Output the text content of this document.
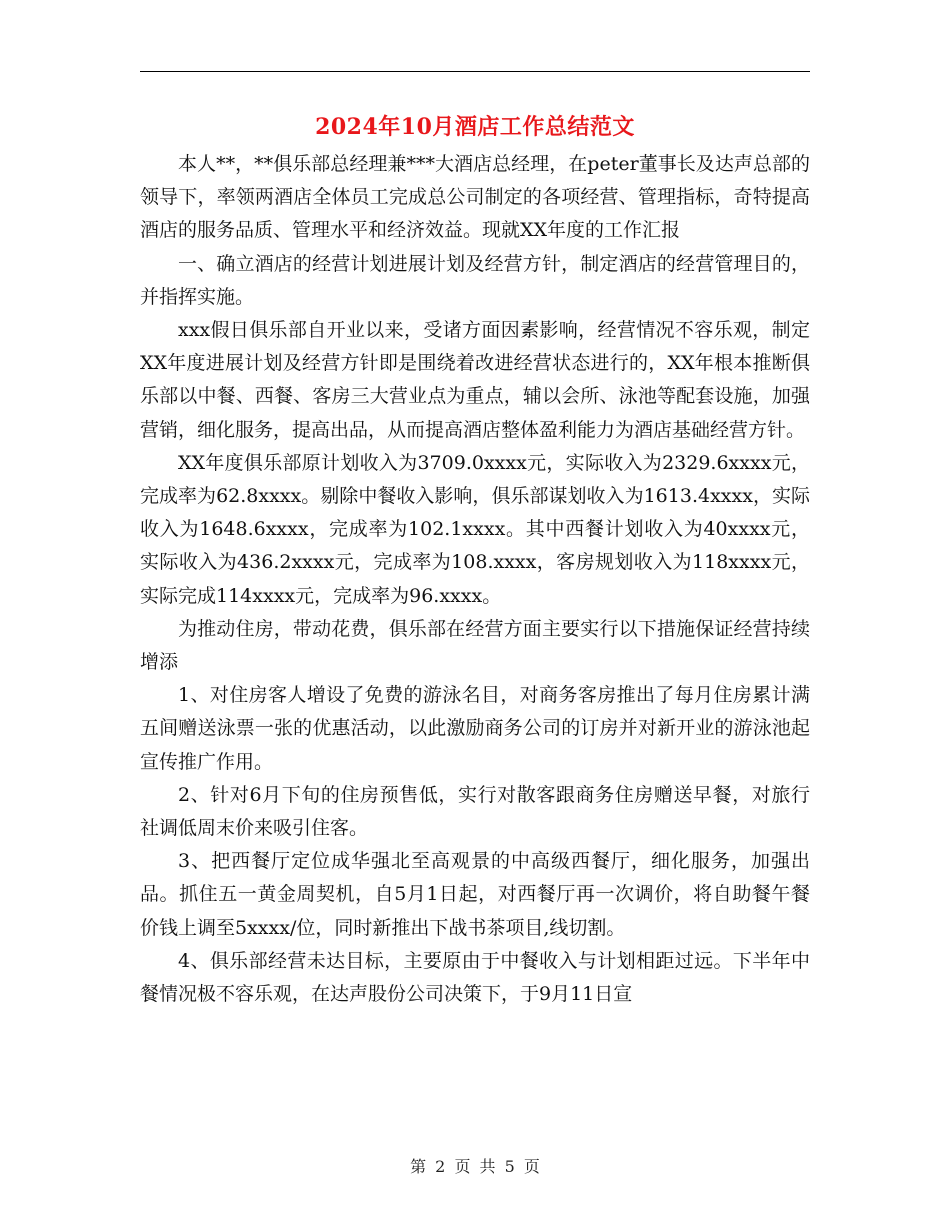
2024年10月酒店工作总结范文

本人**，**俱乐部总经理兼***大酒店总经理，在peter董事长及达声总部的领导下，率领两酒店全体员工完成总公司制定的各项经营、管理指标，奇特提高酒店的服务品质、管理水平和经济效益。现就XX年度的工作汇报

一、确立酒店的经营计划进展计划及经营方针，制定酒店的经营管理目的，并指挥实施。

xxx假日俱乐部自开业以来，受诸方面因素影响，经营情况不容乐观，制定XX年度进展计划及经营方针即是围绕着改进经营状态进行的，XX年根本推断俱乐部以中餐、西餐、客房三大营业点为重点，辅以会所、泳池等配套设施，加强营销，细化服务，提高出品，从而提高酒店整体盈利能力为酒店基础经营方针。

XX年度俱乐部原计划收入为3709.0xxxx元，实际收入为2329.6xxxx元，完成率为62.8xxxx。剔除中餐收入影响，俱乐部谋划收入为1613.4xxxx，实际收入为1648.6xxxx，完成率为102.1xxxx。其中西餐计划收入为40xxxx元，实际收入为436.2xxxx元，完成率为108.xxxx，客房规划收入为118xxxx元，实际完成114xxxx元，完成率为96.xxxx。

为推动住房，带动花费，俱乐部在经营方面主要实行以下措施保证经营持续增添

1、对住房客人增设了免费的游泳名目，对商务客房推出了每月住房累计满五间赠送泳票一张的优惠活动，以此激励商务公司的订房并对新开业的游泳池起宣传推广作用。

2、针对6月下旬的住房预售低，实行对散客跟商务住房赠送早餐，对旅行社调低周末价来吸引住客。

3、把西餐厅定位成华强北至高观景的中高级西餐厅，细化服务，加强出品。抓住五一黄金周契机，自5月1日起，对西餐厅再一次调价，将自助餐午餐价钱上调至5xxxx/位，同时新推出下战书茶项目,线切割。

4、俱乐部经营未达目标，主要原由于中餐收入与计划相距过远。下半年中餐情况极不容乐观，在达声股份公司决策下，于9月11日宣

第 2 页 共 5 页
